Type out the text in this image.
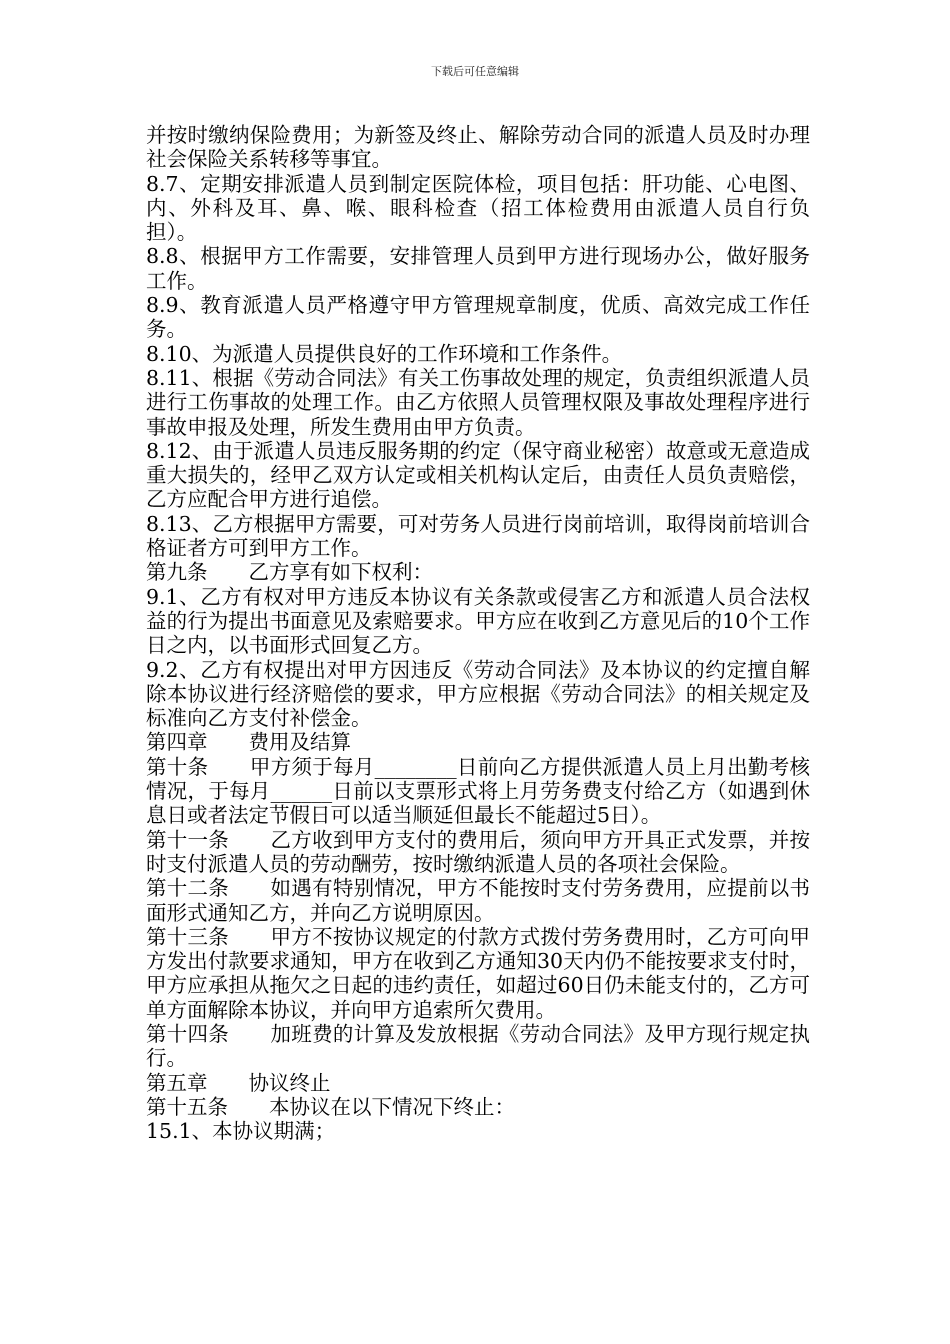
下载后可任意编辑

并按时缴纳保险费用；为新签及终止、解除劳动合同的派遣人员及时办理社会保险关系转移等事宜。

8.7、定期安排派遣人员到制定医院体检，项目包括：肝功能、心电图、内、外科及耳、鼻、喉、眼科检查（招工体检费用由派遣人员自行负担）。

8.8、根据甲方工作需要，安排管理人员到甲方进行现场办公，做好服务工作。

8.9、教育派遣人员严格遵守甲方管理规章制度，优质、高效完成工作任务。

8.10、为派遣人员提供良好的工作环境和工作条件。

8.11、根据《劳动合同法》有关工伤事故处理的规定，负责组织派遣人员进行工伤事故的处理工作。由乙方依照人员管理权限及事故处理程序进行事故申报及处理，所发生费用由甲方负责。

8.12、由于派遣人员违反服务期的约定（保守商业秘密）故意或无意造成重大损失的，经甲乙双方认定或相关机构认定后，由责任人员负责赔偿，乙方应配合甲方进行追偿。

8.13、乙方根据甲方需要，可对劳务人员进行岗前培训，取得岗前培训合格证者方可到甲方工作。

第九条　　乙方享有如下权利：

9.1、乙方有权对甲方违反本协议有关条款或侵害乙方和派遣人员合法权益的行为提出书面意见及索赔要求。甲方应在收到乙方意见后的10个工作日之内，以书面形式回复乙方。

9.2、乙方有权提出对甲方因违反《劳动合同法》及本协议的约定擅自解除本协议进行经济赔偿的要求，甲方应根据《劳动合同法》的相关规定及标准向乙方支付补偿金。

第四章　　费用及结算

第十条　　甲方须于每月________日前向乙方提供派遣人员上月出勤考核情况，于每月______日前以支票形式将上月劳务费支付给乙方（如遇到休息日或者法定节假日可以适当顺延但最长不能超过5日）。

第十一条　　乙方收到甲方支付的费用后，须向甲方开具正式发票，并按时支付派遣人员的劳动酬劳，按时缴纳派遣人员的各项社会保险。

第十二条　　如遇有特别情况，甲方不能按时支付劳务费用，应提前以书面形式通知乙方，并向乙方说明原因。

第十三条　　甲方不按协议规定的付款方式拨付劳务费用时，乙方可向甲方发出付款要求通知，甲方在收到乙方通知30天内仍不能按要求支付时，甲方应承担从拖欠之日起的违约责任，如超过60日仍未能支付的，乙方可单方面解除本协议，并向甲方追索所欠费用。

第十四条　　加班费的计算及发放根据《劳动合同法》及甲方现行规定执行。

第五章　　协议终止

第十五条　　本协议在以下情况下终止：

15.1、本协议期满；
